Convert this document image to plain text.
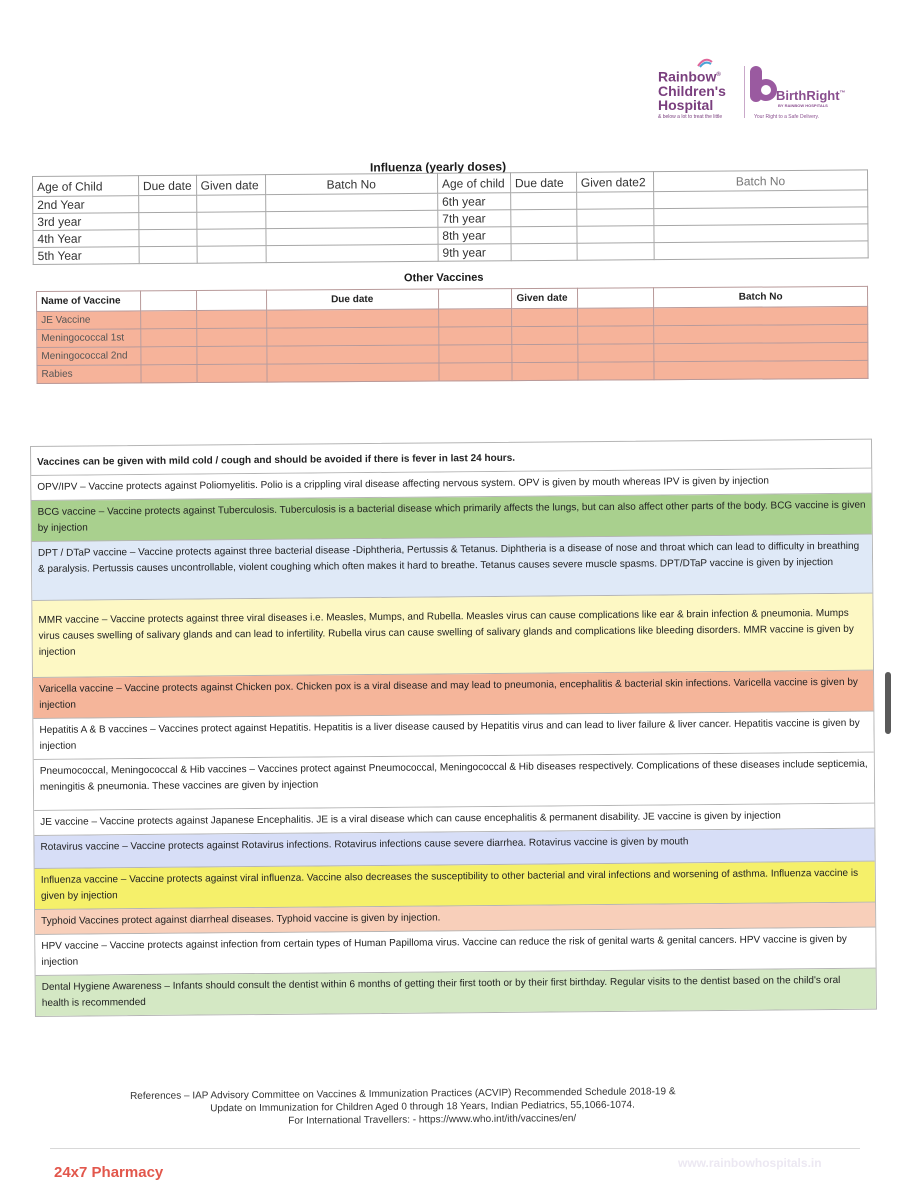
Rainbow®
Children's
Hospital
& below a lot to treat the little
BirthRight™
BY RAINBOW HOSPITALS
Your Right to a Safe Delivery.
Influenza (yearly doses)
Age of Child	Due date	Given date	Batch No	Age of child	Due date	Given date2	Batch No
2nd Year				6th year			
3rd year				7th year			
4th Year				8th year			
5th Year				9th year			
Other Vaccines
Name of Vaccine			Due date		Given date		Batch No
JE Vaccine							
Meningococcal 1st							
Meningococcal 2nd							
Rabies							
Vaccines can be given with mild cold / cough and should be avoided if there is fever in last 24 hours.
OPV/IPV – Vaccine protects against Poliomyelitis. Polio is a crippling viral disease affecting nervous system. OPV is given by mouth whereas IPV is given by injection
BCG vaccine – Vaccine protects against Tuberculosis. Tuberculosis is a bacterial disease which primarily affects the lungs, but can also affect other parts of the body. BCG vaccine is given by injection
DPT / DTaP vaccine – Vaccine protects against three bacterial disease -Diphtheria, Pertussis & Tetanus. Diphtheria is a disease of nose and throat which can lead to difficulty in breathing & paralysis. Pertussis causes uncontrollable, violent coughing which often makes it hard to breathe. Tetanus causes severe muscle spasms. DPT/DTaP vaccine is given by injection
MMR vaccine – Vaccine protects against three viral diseases i.e. Measles, Mumps, and Rubella. Measles virus can cause complications like ear & brain infection & pneumonia. Mumps virus causes swelling of salivary glands and can lead to infertility. Rubella virus can cause swelling of salivary glands and complications like bleeding disorders. MMR vaccine is given by injection
Varicella vaccine – Vaccine protects against Chicken pox. Chicken pox is a viral disease and may lead to pneumonia, encephalitis & bacterial skin infections. Varicella vaccine is given by injection
Hepatitis A & B vaccines – Vaccines protect against Hepatitis. Hepatitis is a liver disease caused by Hepatitis virus and can lead to liver failure & liver cancer. Hepatitis vaccine is given by injection
Pneumococcal, Meningococcal & Hib vaccines – Vaccines protect against Pneumococcal, Meningococcal & Hib diseases respectively. Complications of these diseases include septicemia, meningitis & pneumonia. These vaccines are given by injection
JE vaccine – Vaccine protects against Japanese Encephalitis. JE is a viral disease which can cause encephalitis & permanent disability. JE vaccine is given by injection
Rotavirus vaccine – Vaccine protects against Rotavirus infections. Rotavirus infections cause severe diarrhea. Rotavirus vaccine is given by mouth
Influenza vaccine – Vaccine protects against viral influenza. Vaccine also decreases the susceptibility to other bacterial and viral infections and worsening of asthma. Influenza vaccine is given by injection
Typhoid Vaccines protect against diarrheal diseases. Typhoid vaccine is given by injection.
HPV vaccine – Vaccine protects against infection from certain types of Human Papilloma virus. Vaccine can reduce the risk of genital warts & genital cancers. HPV vaccine is given by injection
Dental Hygiene Awareness – Infants should consult the dentist within 6 months of getting their first tooth or by their first birthday. Regular visits to the dentist based on the child's oral health is recommended
References – IAP Advisory Committee on Vaccines & Immunization Practices (ACVIP) Recommended Schedule 2018-19 &
Update on Immunization for Children Aged 0 through 18 Years, Indian Pediatrics, 55,1066-1074.
For International Travellers: - https://www.who.int/ith/vaccines/en/
24x7 Pharmacy
www.rainbowhospitals.in
